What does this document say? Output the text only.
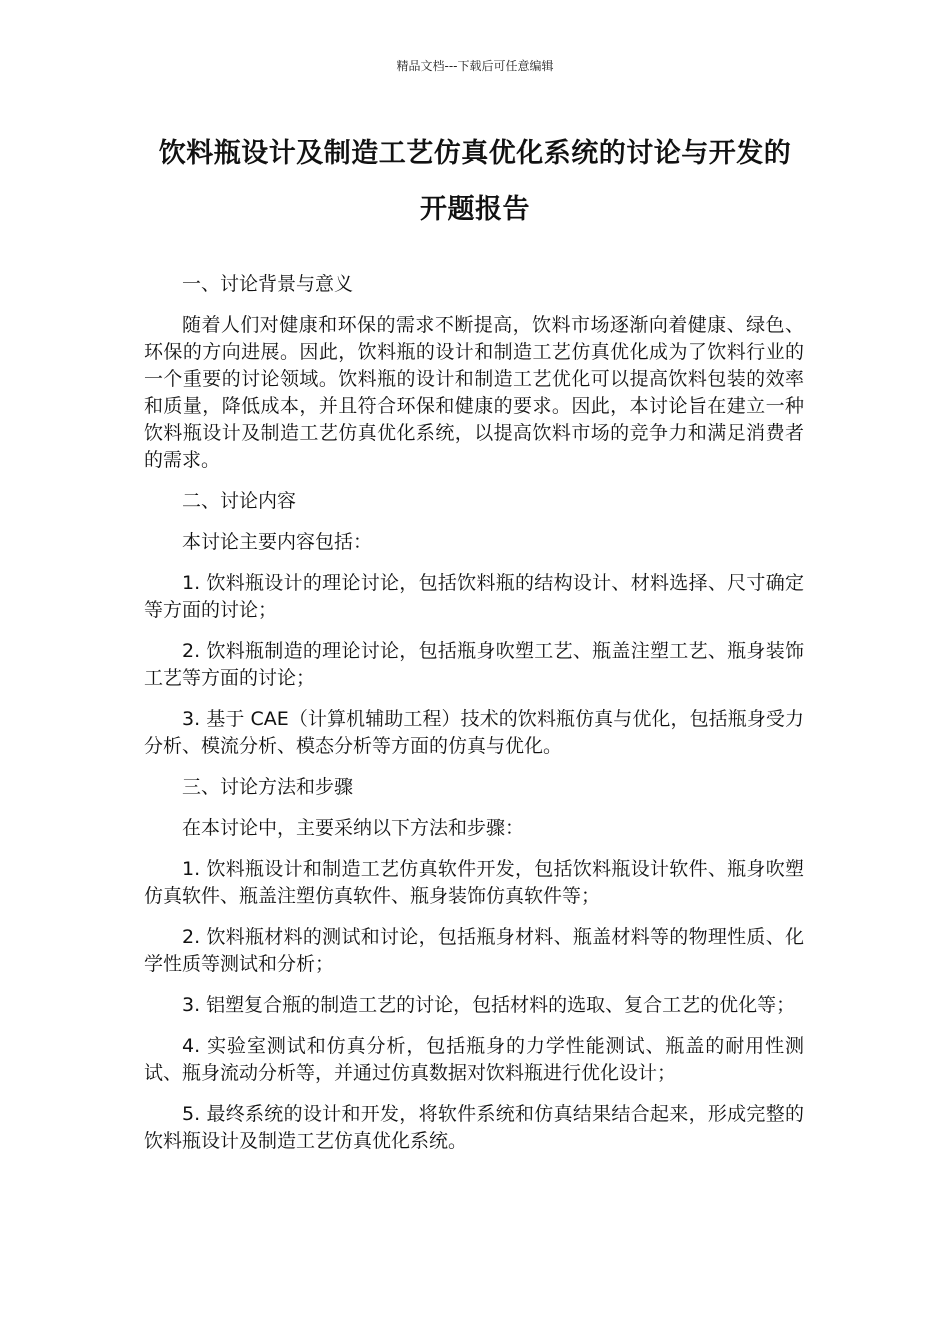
精品文档---下载后可任意编辑
饮料瓶设计及制造工艺仿真优化系统的讨论与开发的
开题报告

一、讨论背景与意义

随着人们对健康和环保的需求不断提高，饮料市场逐渐向着健康、绿色、环保的方向进展。因此，饮料瓶的设计和制造工艺仿真优化成为了饮料行业的一个重要的讨论领域。饮料瓶的设计和制造工艺优化可以提高饮料包装的效率和质量，降低成本，并且符合环保和健康的要求。因此，本讨论旨在建立一种饮料瓶设计及制造工艺仿真优化系统，以提高饮料市场的竞争力和满足消费者的需求。

二、讨论内容

本讨论主要内容包括：

1. 饮料瓶设计的理论讨论，包括饮料瓶的结构设计、材料选择、尺寸确定等方面的讨论；

2. 饮料瓶制造的理论讨论，包括瓶身吹塑工艺、瓶盖注塑工艺、瓶身装饰工艺等方面的讨论；

3. 基于 CAE（计算机辅助工程）技术的饮料瓶仿真与优化，包括瓶身受力分析、模流分析、模态分析等方面的仿真与优化。

三、讨论方法和步骤

在本讨论中，主要采纳以下方法和步骤：

1. 饮料瓶设计和制造工艺仿真软件开发，包括饮料瓶设计软件、瓶身吹塑仿真软件、瓶盖注塑仿真软件、瓶身装饰仿真软件等；

2. 饮料瓶材料的测试和讨论，包括瓶身材料、瓶盖材料等的物理性质、化学性质等测试和分析；

3. 铝塑复合瓶的制造工艺的讨论，包括材料的选取、复合工艺的优化等；

4. 实验室测试和仿真分析，包括瓶身的力学性能测试、瓶盖的耐用性测试、瓶身流动分析等，并通过仿真数据对饮料瓶进行优化设计；

5. 最终系统的设计和开发，将软件系统和仿真结果结合起来，形成完整的饮料瓶设计及制造工艺仿真优化系统。
